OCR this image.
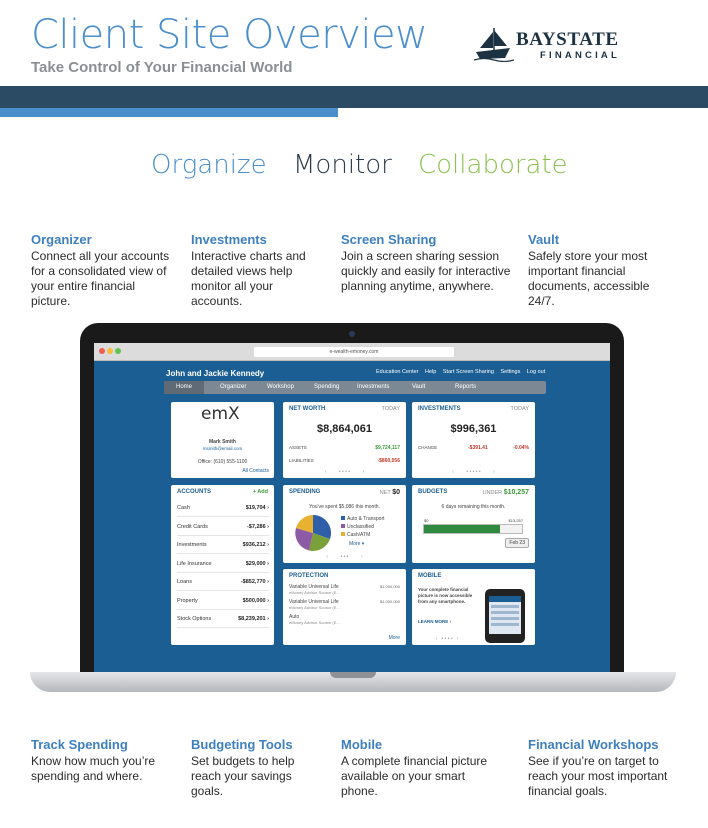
Client Site Overview
Take Control of Your Financial World
BAYSTATE
FINANCIAL
Organize Monitor Collaborate
Organizer

Connect all your accounts for a consolidated view of your entire financial picture.

Investments

Interactive charts and detailed views help monitor all your accounts.

Screen Sharing

Join a screen sharing session quickly and easily for interactive planning anytime, anywhere.

Vault

Safely store your most important financial documents, accessible 24/7.

e-wealth-emoney.com
John and Jackie Kennedy	Education Center Help Start Screen Sharing Settings Log out
Home	Organizer	Workshop	Spending	Investments	Vault	Reports
emX
Mark Smith
msmith@email.com
Office: (610) 555-1100
All Contacts
NET WORTH	TODAY
$8,864,061
ASSETS	$9,724,117
LIABILITIES	-$860,056
‹         • • • •         ›
INVESTMENTS	TODAY
$996,361
CHANGE	-$391.41	-0.04%
‹         • • • • •         ›
ACCOUNTS	+ Add
Cash	$19,704 ›
Credit Cards	-$7,286 ›
Investments	$936,212 ›
Life Insurance	$29,000 ›
Loans	-$852,770 ›
Property	$500,000 ›
Stock Options	$8,239,201 ›
SPENDING	NET $0
You've spent $5,086 this month.
Auto & Transport
Unclassified
Cash/ATM
More ▾
‹         • • •         ›
BUDGETS	UNDER $10,257
6 days remaining this month.
$0	$13,257
Feb 23
PROTECTION
Variable Universal Life
eMoney Advisor Source (E...
$1,000,000
Variable Universal Life
eMoney Advisor Source (E...
$1,000,000
Auto
eMoney Advisor Source (E...
More
MOBILE
Your complete financial picture is now accessible from any smartphone.
LEARN MORE ›
‹   • • • •   ›
Track Spending

Know how much you’re spending and where.

Budgeting Tools

Set budgets to help reach your savings goals.

Mobile

A complete financial picture available on your smart phone.

Financial Workshops

See if you’re on target to reach your most important financial goals.
